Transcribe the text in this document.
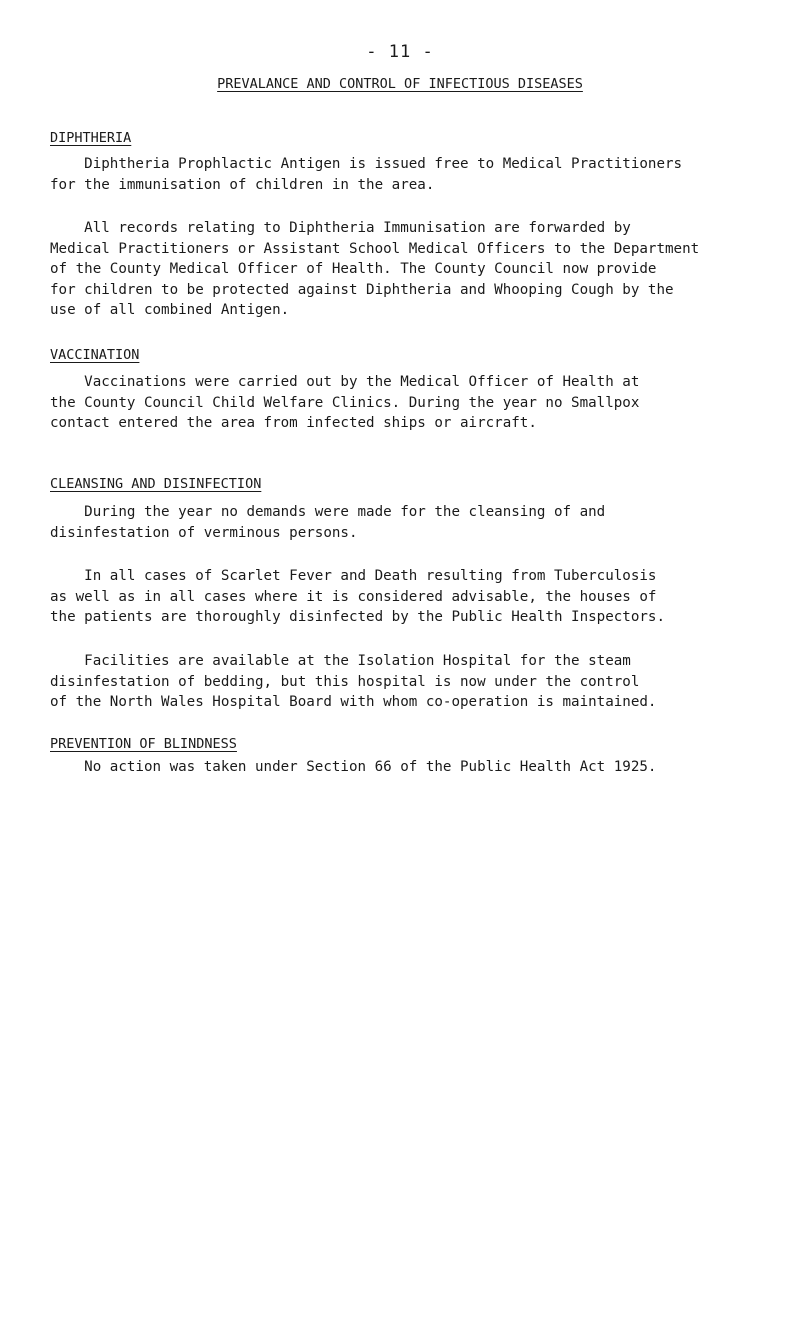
- 11 -
PREVALANCE AND CONTROL OF INFECTIOUS DISEASES
DIPHTHERIA
Diphtheria Prophlactic Antigen is issued free to Medical Practitioners
for the immunisation of children in the area.
All records relating to Diphtheria Immunisation are forwarded by
Medical Practitioners or Assistant School Medical Officers to the Department
of the County Medical Officer of Health. The County Council now provide
for children to be protected against Diphtheria and Whooping Cough by the
use of all combined Antigen.
VACCINATION
Vaccinations were carried out by the Medical Officer of Health at
the County Council Child Welfare Clinics. During the year no Smallpox
contact entered the area from infected ships or aircraft.
CLEANSING AND DISINFECTION
During the year no demands were made for the cleansing of and
disinfestation of verminous persons.
In all cases of Scarlet Fever and Death resulting from Tuberculosis
as well as in all cases where it is considered advisable, the houses of
the patients are thoroughly disinfected by the Public Health Inspectors.
Facilities are available at the Isolation Hospital for the steam
disinfestation of bedding, but this hospital is now under the control
of the North Wales Hospital Board with whom co-operation is maintained.
PREVENTION OF BLINDNESS
No action was taken under Section 66 of the Public Health Act 1925.
